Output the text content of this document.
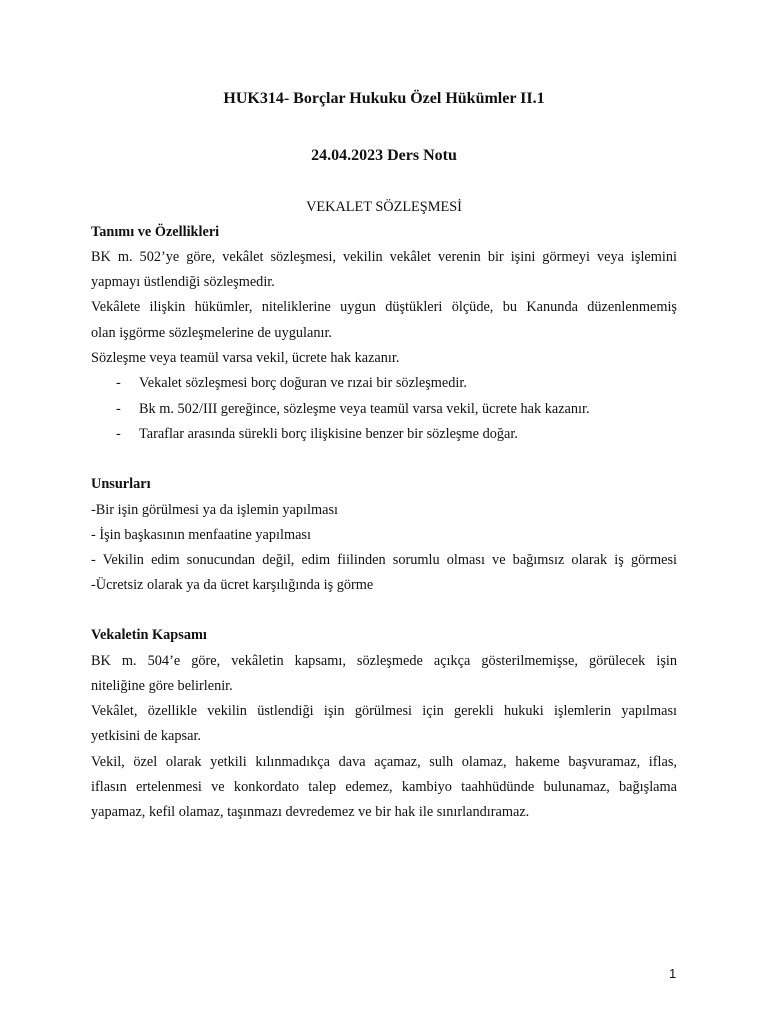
HUK314- Borçlar Hukuku Özel Hükümler II.1
24.04.2023 Ders Notu
VEKALET SÖZLEŞMESİ
Tanımı ve Özellikleri
BK m. 502’ye göre, vekâlet sözleşmesi, vekilin vekâlet verenin bir işini görmeyi veya işlemini
yapmayı üstlendiği sözleşmedir.
Vekâlete ilişkin hükümler, niteliklerine uygun düştükleri ölçüde, bu Kanunda düzenlenmemiş
olan işgörme sözleşmelerine de uygulanır.
Sözleşme veya teamül varsa vekil, ücrete hak kazanır.
- Vekalet sözleşmesi borç doğuran ve rızai bir sözleşmedir.
- Bk m. 502/III gereğince, sözleşme veya teamül varsa vekil, ücrete hak kazanır.
- Taraflar arasında sürekli borç ilişkisine benzer bir sözleşme doğar.
Unsurları
-Bir işin görülmesi ya da işlemin yapılması
- İşin başkasının menfaatine yapılması
- Vekilin edim sonucundan değil, edim fiilinden sorumlu olması ve bağımsız olarak iş görmesi
-Ücretsiz olarak ya da ücret karşılığında iş görme
Vekaletin Kapsamı
BK m. 504’e göre, vekâletin kapsamı, sözleşmede açıkça gösterilmemişse, görülecek işin
niteliğine göre belirlenir.
Vekâlet, özellikle vekilin üstlendiği işin görülmesi için gerekli hukuki işlemlerin yapılması
yetkisini de kapsar.
Vekil, özel olarak yetkili kılınmadıkça dava açamaz, sulh olamaz, hakeme başvuramaz, iflas,
iflasın ertelenmesi ve konkordato talep edemez, kambiyo taahhüdünde bulunamaz, bağışlama
yapamaz, kefil olamaz, taşınmazı devredemez ve bir hak ile sınırlandıramaz.
1
